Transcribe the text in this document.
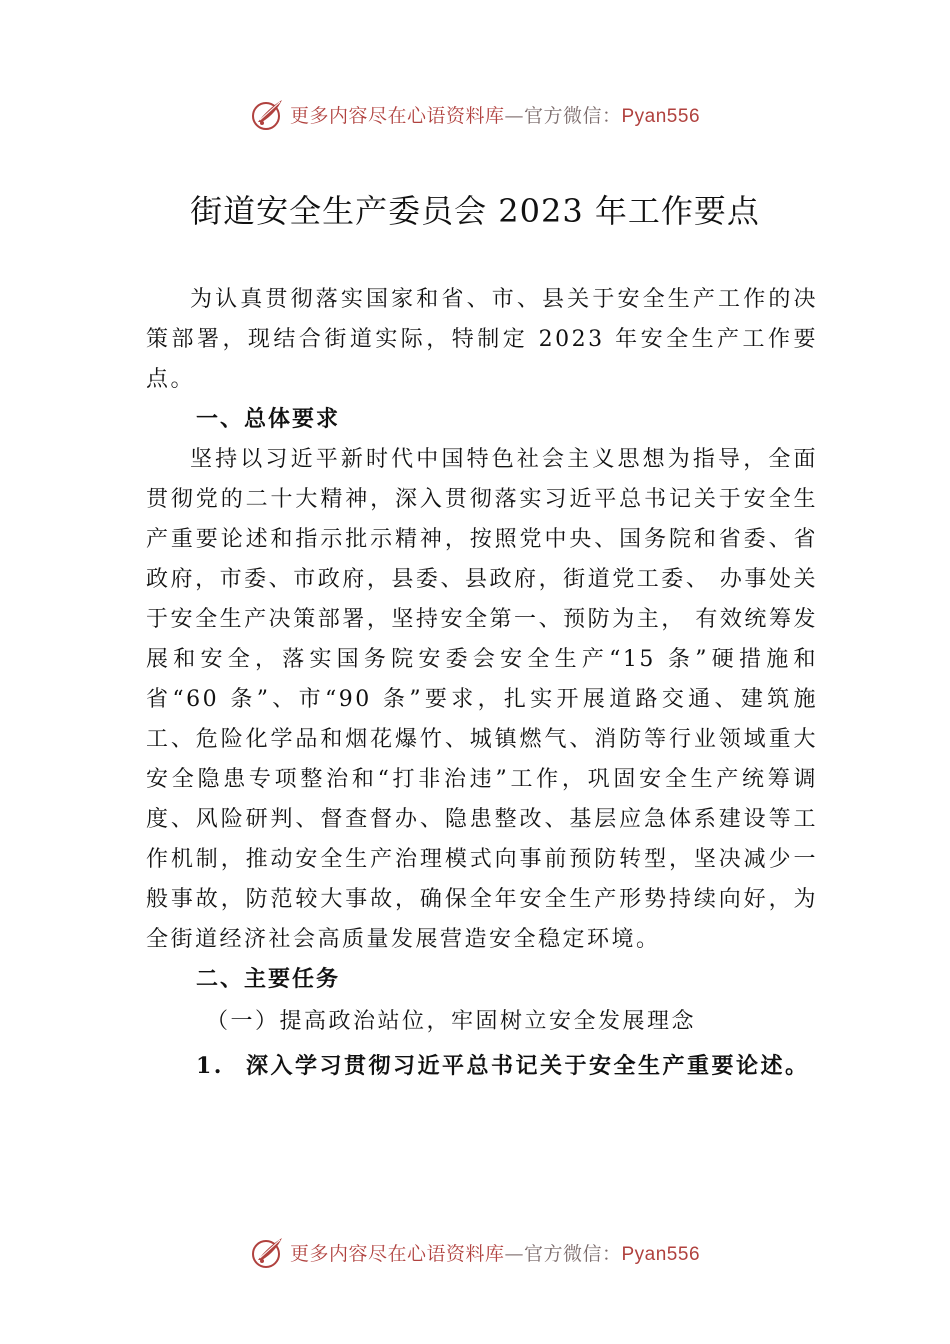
更多内容尽在心语资料库—官方微信：Pyan556
街道安全生产委员会 2023 年工作要点

为认真贯彻落实国家和省、市、县关于安全生产工作的决策部署，现结合街道实际，特制定 2023 年安全生产工作要点。

一、总体要求

坚持以习近平新时代中国特色社会主义思想为指导，全面贯彻党的二十大精神，深入贯彻落实习近平总书记关于安全生产重要论述和指示批示精神，按照党中央、国务院和省委、省政府，市委、市政府，县委、县政府，街道党工委、 办事处关于安全生产决策部署，坚持安全第一、预防为主， 有效统筹发展和安全，落实国务院安委会安全生产“15 条”硬措施和省“60 条”、市“90 条”要求，扎实开展道路交通、建筑施工、危险化学品和烟花爆竹、城镇燃气、消防等行业领域重大安全隐患专项整治和“打非治违”工作，巩固安全生产统筹调度、风险研判、督查督办、隐患整改、基层应急体系建设等工作机制，推动安全生产治理模式向事前预防转型，坚决减少一般事故，防范较大事故，确保全年安全生产形势持续向好，为全街道经济社会高质量发展营造安全稳定环境。

二、主要任务

（一）提高政治站位，牢固树立安全发展理念

1. 深入学习贯彻习近平总书记关于安全生产重要论述。

更多内容尽在心语资料库—官方微信：Pyan556
